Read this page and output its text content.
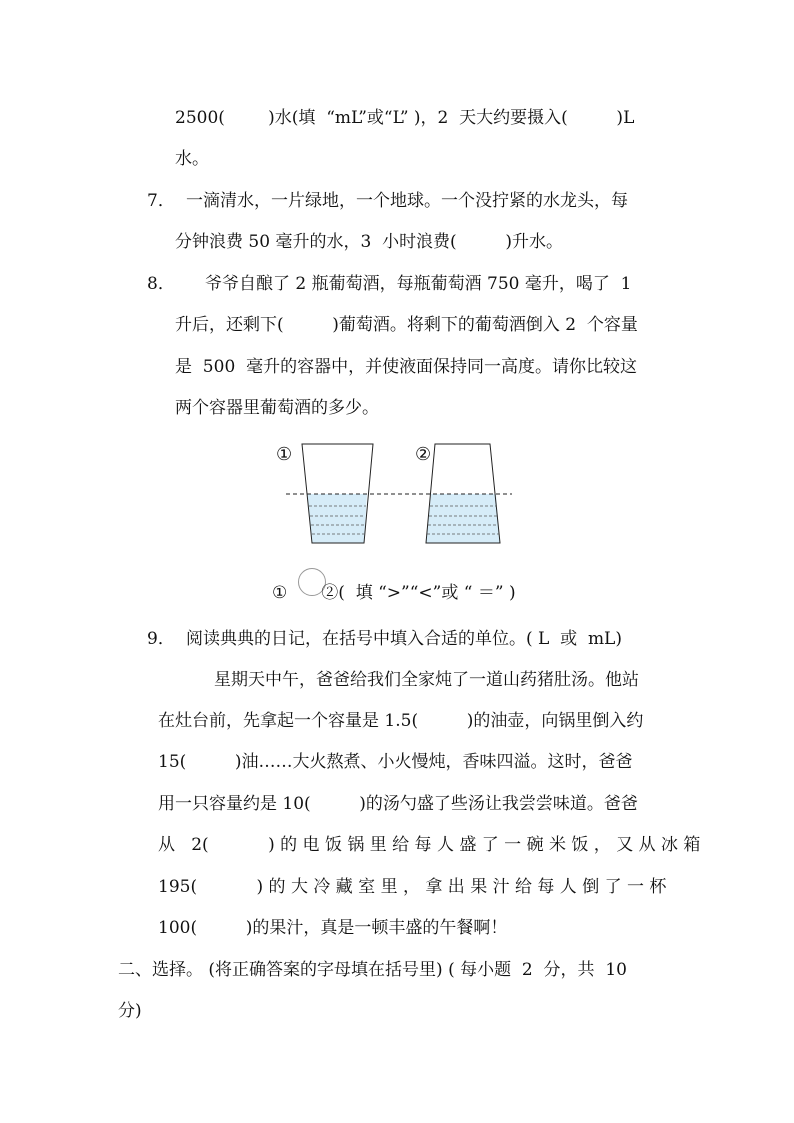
2500(        )水(填  “mL”或“L” )，2  天大约要摄入(         )L
水。
7． 一滴清水，一片绿地，一个地球。一个没拧紧的水龙头，每
分钟浪费 50 毫升的水，3  小时浪费(         )升水。
8． 爷爷自酿了 2 瓶葡萄酒，每瓶葡萄酒 750 毫升，喝了  1
升后，还剩下(         )葡萄酒。将剩下的葡萄酒倒入 2  个容量
是  500  毫升的容器中，并使液面保持同一高度。请你比较这
两个容器里葡萄酒的多少。
①	②
① ②(  填 “>”“<”或 “ ＝” )
9． 阅读典典的日记，在括号中填入合适的单位。( L  或  mL)
星期天中午，爸爸给我们全家炖了一道山药猪肚汤。他站
在灶台前，先拿起一个容量是 1.5(         )的油壶，向锅里倒入约
15(         )油……大火熬煮、小火慢炖，香味四溢。这时，爸爸
用一只容量约是 10(         )的汤勺盛了些汤让我尝尝味道。爸爸
从   2(           ) 的 电 饭 锅 里 给 每 人 盛 了 一 碗 米 饭 ， 又 从 冰 箱
195(           ) 的 大 冷 藏 室 里 ， 拿 出 果 汁 给 每 人 倒 了 一 杯
100(         )的果汁，真是一顿丰盛的午餐啊！
二、选择。 (将正确答案的字母填在括号里) ( 每小题  2  分，共  10
分)
